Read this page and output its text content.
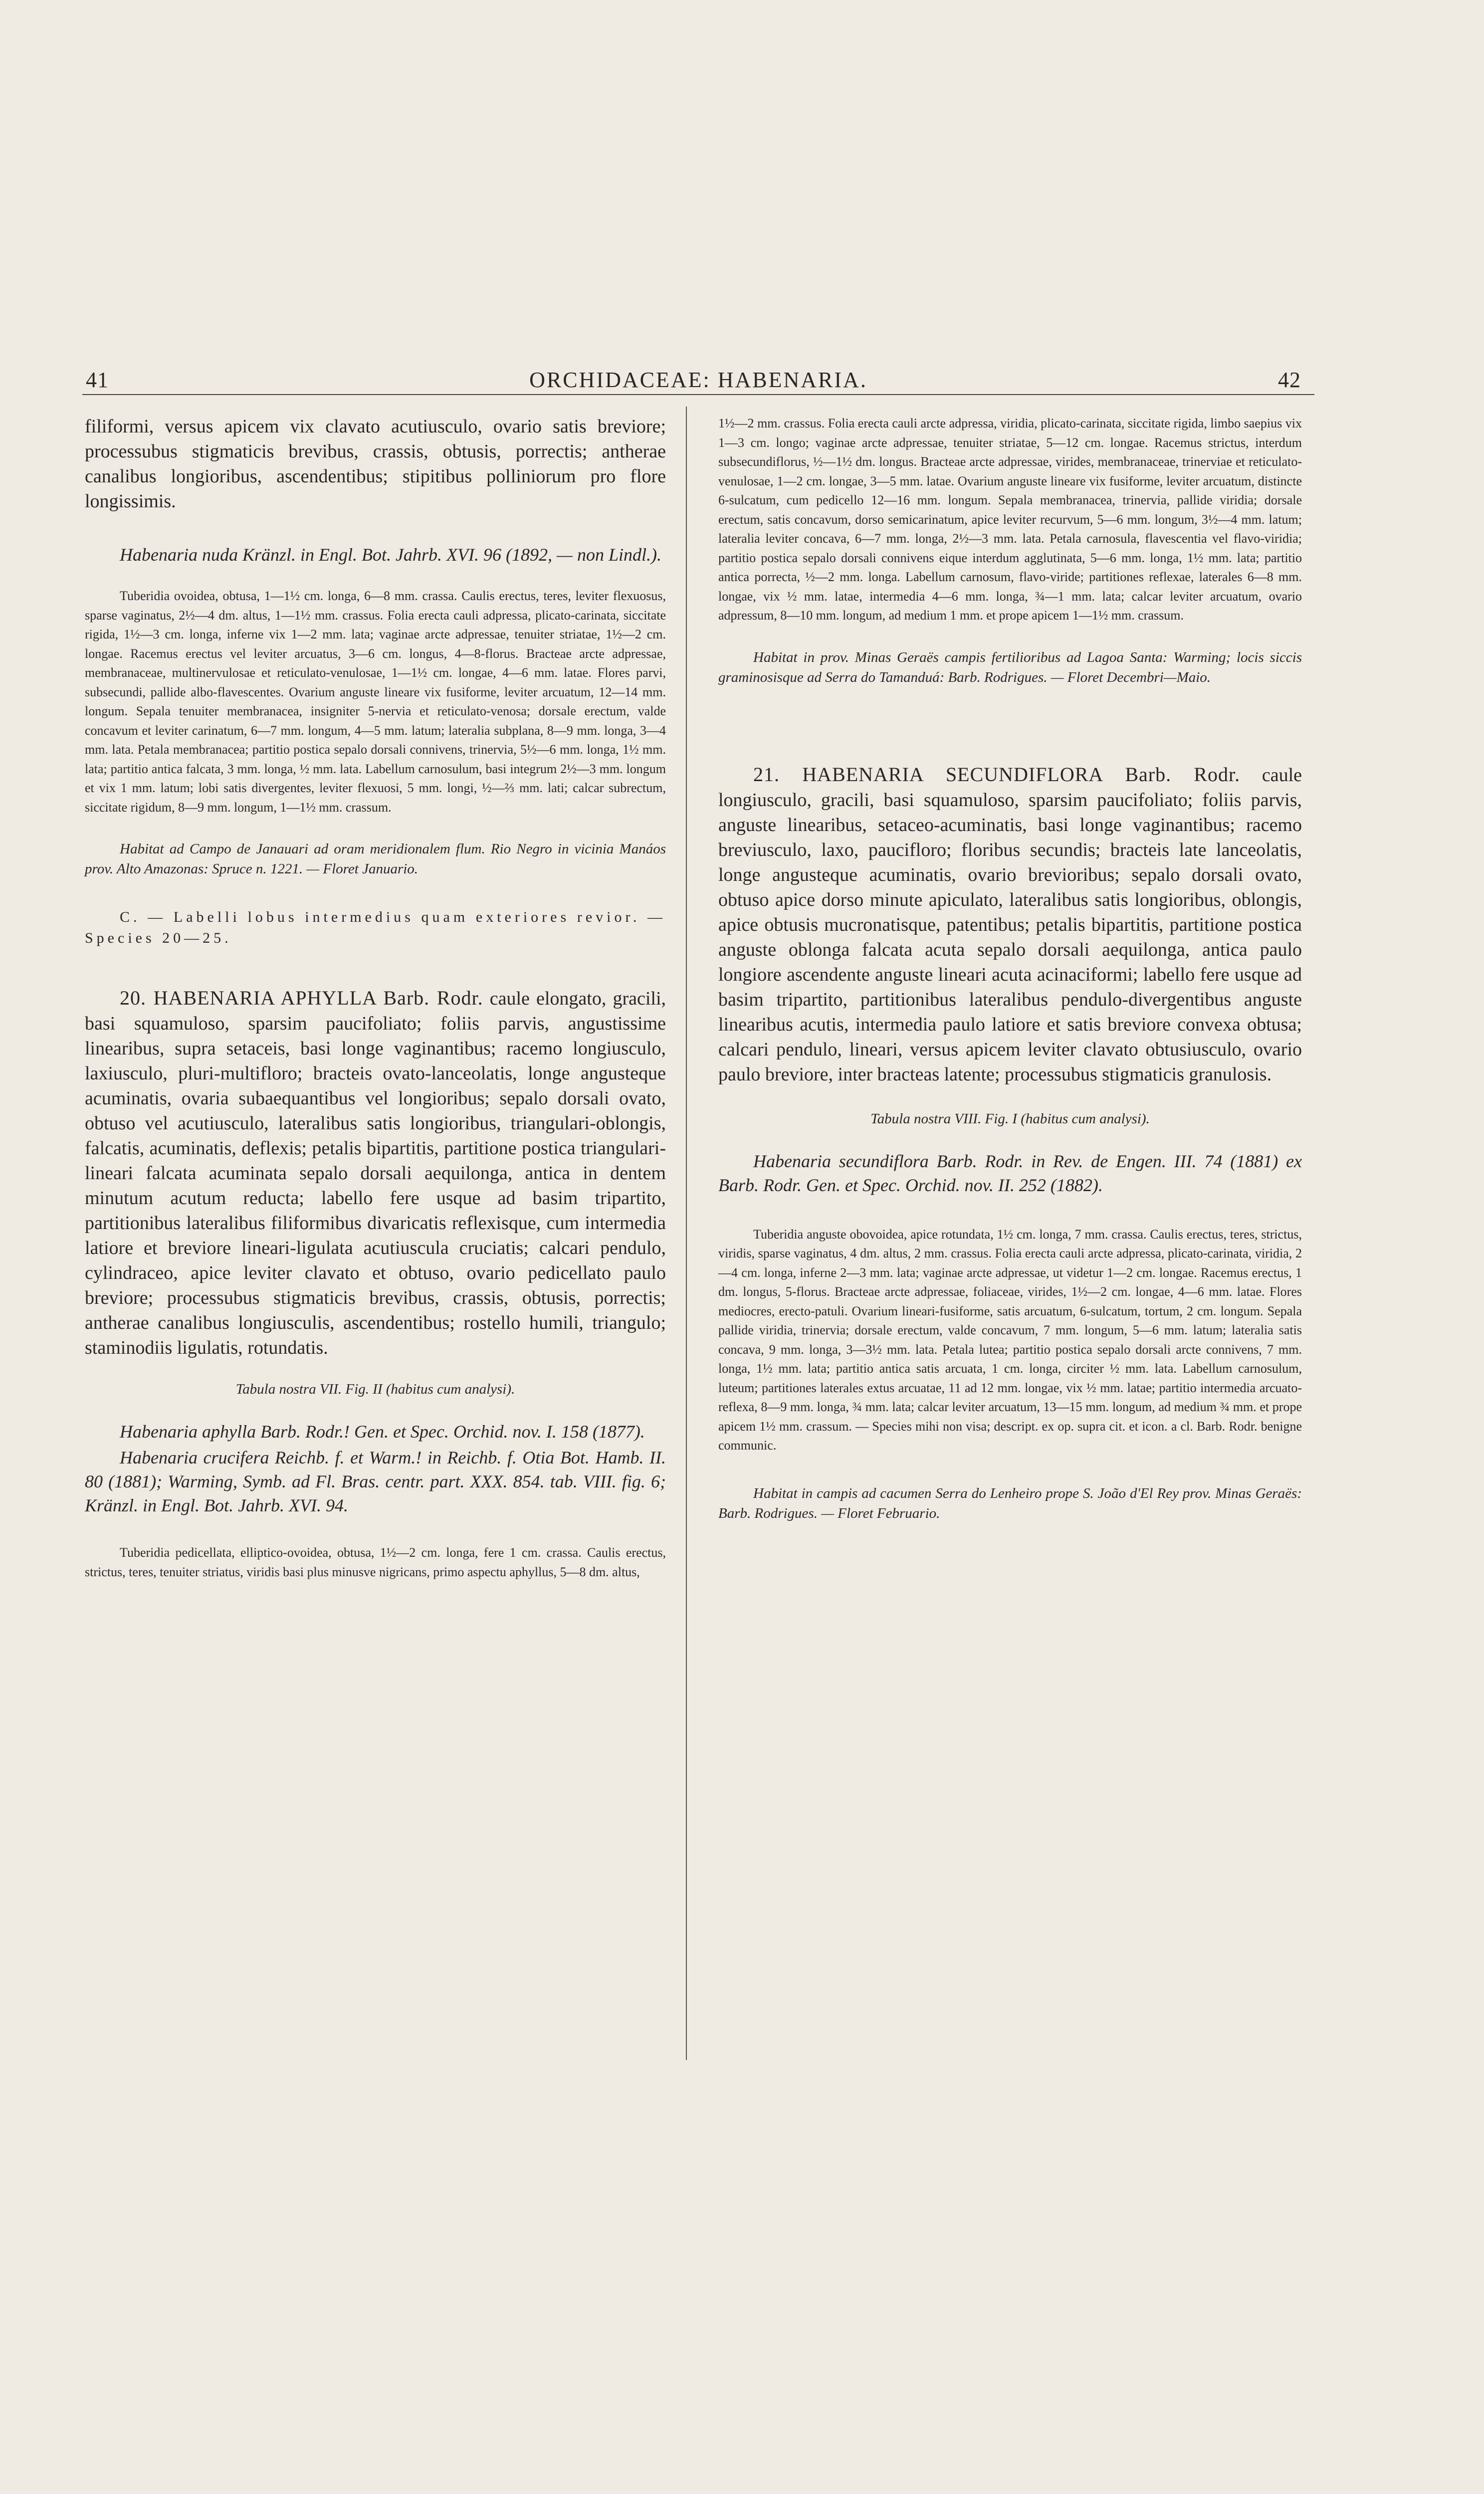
41	ORCHIDACEAE: HABENARIA.	42

filiformi, versus apicem vix clavato acutiusculo, ovario satis breviore; processubus stigmaticis brevibus, crassis, obtusis, porrectis; antherae canalibus longioribus, ascendentibus; stipitibus polliniorum pro flore longissimis.

Habenaria nuda Kränzl. in Engl. Bot. Jahrb. XVI. 96 (1892, — non Lindl.).

Tuberidia ovoidea, obtusa, 1—1½ cm. longa, 6—8 mm. crassa. Caulis erectus, teres, leviter flexuosus, sparse vaginatus, 2½—4 dm. altus, 1—1½ mm. crassus. Folia erecta cauli adpressa, plicato-carinata, siccitate rigida, 1½—3 cm. longa, inferne vix 1—2 mm. lata; vaginae arcte adpressae, tenuiter striatae, 1½—2 cm. longae. Racemus erectus vel leviter arcuatus, 3—6 cm. longus, 4—8-florus. Bracteae arcte adpressae, membranaceae, multinervulosae et reticulato-venulosae, 1—1½ cm. longae, 4—6 mm. latae. Flores parvi, subsecundi, pallide albo-flavescentes. Ovarium anguste lineare vix fusiforme, leviter arcuatum, 12—14 mm. longum. Sepala tenuiter membranacea, insigniter 5-nervia et reticulato-venosa; dorsale erectum, valde concavum et leviter carinatum, 6—7 mm. longum, 4—5 mm. latum; lateralia subplana, 8—9 mm. longa, 3—4 mm. lata. Petala membranacea; partitio postica sepalo dorsali connivens, trinervia, 5½—6 mm. longa, 1½ mm. lata; partitio antica falcata, 3 mm. longa, ½ mm. lata. Labellum carnosulum, basi integrum 2½—3 mm. longum et vix 1 mm. latum; lobi satis divergentes, leviter flexuosi, 5 mm. longi, ½—⅔ mm. lati; calcar subrectum, siccitate rigidum, 8—9 mm. longum, 1—1½ mm. crassum.

Habitat ad Campo de Janauari ad oram meridionalem flum. Rio Negro in vicinia Manáos prov. Alto Amazonas: Spruce n. 1221. — Floret Januario.

C. — Labelli lobus intermedius quam exteriores revior. — Species 20—25.

20. HABENARIA APHYLLA Barb. Rodr. caule elongato, gracili, basi squamuloso, sparsim paucifoliato; foliis parvis, angustissime linearibus, supra setaceis, basi longe vaginantibus; racemo longiusculo, laxiusculo, pluri-multifloro; bracteis ovato-lanceolatis, longe angusteque acuminatis, ovaria subaequantibus vel longioribus; sepalo dorsali ovato, obtuso vel acutiusculo, lateralibus satis longioribus, triangulari-oblongis, falcatis, acuminatis, deflexis; petalis bipartitis, partitione postica triangulari-lineari falcata acuminata sepalo dorsali aequilonga, antica in dentem minutum acutum reducta; labello fere usque ad basim tripartito, partitionibus lateralibus filiformibus divaricatis reflexisque, cum intermedia latiore et breviore lineari-ligulata acutiuscula cruciatis; calcari pendulo, cylindraceo, apice leviter clavato et obtuso, ovario pedicellato paulo breviore; processubus stigmaticis brevibus, crassis, obtusis, porrectis; antherae canalibus longiusculis, ascendentibus; rostello humili, triangulo; staminodiis ligulatis, rotundatis.

Tabula nostra VII. Fig. II (habitus cum analysi).

Habenaria aphylla Barb. Rodr.! Gen. et Spec. Orchid. nov. I. 158 (1877).

Habenaria crucifera Reichb. f. et Warm.! in Reichb. f. Otia Bot. Hamb. II. 80 (1881); Warming, Symb. ad Fl. Bras. centr. part. XXX. 854. tab. VIII. fig. 6; Kränzl. in Engl. Bot. Jahrb. XVI. 94.

Tuberidia pedicellata, elliptico-ovoidea, obtusa, 1½—2 cm. longa, fere 1 cm. crassa. Caulis erectus, strictus, teres, tenuiter striatus, viridis basi plus minusve nigricans, primo aspectu aphyllus, 5—8 dm. altus,

1½—2 mm. crassus. Folia erecta cauli arcte adpressa, viridia, plicato-carinata, siccitate rigida, limbo saepius vix 1—3 cm. longo; vaginae arcte adpressae, tenuiter striatae, 5—12 cm. longae. Racemus strictus, interdum subsecundiflorus, ½—1½ dm. longus. Bracteae arcte adpressae, virides, membranaceae, trinerviae et reticulato-venulosae, 1—2 cm. longae, 3—5 mm. latae. Ovarium anguste lineare vix fusiforme, leviter arcuatum, distincte 6-sulcatum, cum pedicello 12—16 mm. longum. Sepala membranacea, trinervia, pallide viridia; dorsale erectum, satis concavum, dorso semicarinatum, apice leviter recurvum, 5—6 mm. longum, 3½—4 mm. latum; lateralia leviter concava, 6—7 mm. longa, 2½—3 mm. lata. Petala carnosula, flavescentia vel flavo-viridia; partitio postica sepalo dorsali connivens eique interdum agglutinata, 5—6 mm. longa, 1½ mm. lata; partitio antica porrecta, ½—2 mm. longa. Labellum carnosum, flavo-viride; partitiones reflexae, laterales 6—8 mm. longae, vix ½ mm. latae, intermedia 4—6 mm. longa, ¾—1 mm. lata; calcar leviter arcuatum, ovario adpressum, 8—10 mm. longum, ad medium 1 mm. et prope apicem 1—1½ mm. crassum.

Habitat in prov. Minas Geraës campis fertilioribus ad Lagoa Santa: Warming; locis siccis graminosisque ad Serra do Tamanduá: Barb. Rodrigues. — Floret Decembri—Maio.

21. HABENARIA SECUNDIFLORA Barb. Rodr. caule longiusculo, gracili, basi squamuloso, sparsim paucifoliato; foliis parvis, anguste linearibus, setaceo-acuminatis, basi longe vaginantibus; racemo breviusculo, laxo, paucifloro; floribus secundis; bracteis late lanceolatis, longe angusteque acuminatis, ovario brevioribus; sepalo dorsali ovato, obtuso apice dorso minute apiculato, lateralibus satis longioribus, oblongis, apice obtusis mucronatisque, patentibus; petalis bipartitis, partitione postica anguste oblonga falcata acuta sepalo dorsali aequilonga, antica paulo longiore ascendente anguste lineari acuta acinaciformi; labello fere usque ad basim tripartito, partitionibus lateralibus pendulo-divergentibus anguste linearibus acutis, intermedia paulo latiore et satis breviore convexa obtusa; calcari pendulo, lineari, versus apicem leviter clavato obtusiusculo, ovario paulo breviore, inter bracteas latente; processubus stigmaticis granulosis.

Tabula nostra VIII. Fig. I (habitus cum analysi).

Habenaria secundiflora Barb. Rodr. in Rev. de Engen. III. 74 (1881) ex Barb. Rodr. Gen. et Spec. Orchid. nov. II. 252 (1882).

Tuberidia anguste obovoidea, apice rotundata, 1½ cm. longa, 7 mm. crassa. Caulis erectus, teres, strictus, viridis, sparse vaginatus, 4 dm. altus, 2 mm. crassus. Folia erecta cauli arcte adpressa, plicato-carinata, viridia, 2—4 cm. longa, inferne 2—3 mm. lata; vaginae arcte adpressae, ut videtur 1—2 cm. longae. Racemus erectus, 1 dm. longus, 5-florus. Bracteae arcte adpressae, foliaceae, virides, 1½—2 cm. longae, 4—6 mm. latae. Flores mediocres, erecto-patuli. Ovarium lineari-fusiforme, satis arcuatum, 6-sulcatum, tortum, 2 cm. longum. Sepala pallide viridia, trinervia; dorsale erectum, valde concavum, 7 mm. longum, 5—6 mm. latum; lateralia satis concava, 9 mm. longa, 3—3½ mm. lata. Petala lutea; partitio postica sepalo dorsali arcte connivens, 7 mm. longa, 1½ mm. lata; partitio antica satis arcuata, 1 cm. longa, circiter ½ mm. lata. Labellum carnosulum, luteum; partitiones laterales extus arcuatae, 11 ad 12 mm. longae, vix ½ mm. latae; partitio intermedia arcuato-reflexa, 8—9 mm. longa, ¾ mm. lata; calcar leviter arcuatum, 13—15 mm. longum, ad medium ¾ mm. et prope apicem 1½ mm. crassum. — Species mihi non visa; descript. ex op. supra cit. et icon. a cl. Barb. Rodr. benigne communic.

Habitat in campis ad cacumen Serra do Lenheiro prope S. João d'El Rey prov. Minas Geraës: Barb. Rodrigues. — Floret Februario.
